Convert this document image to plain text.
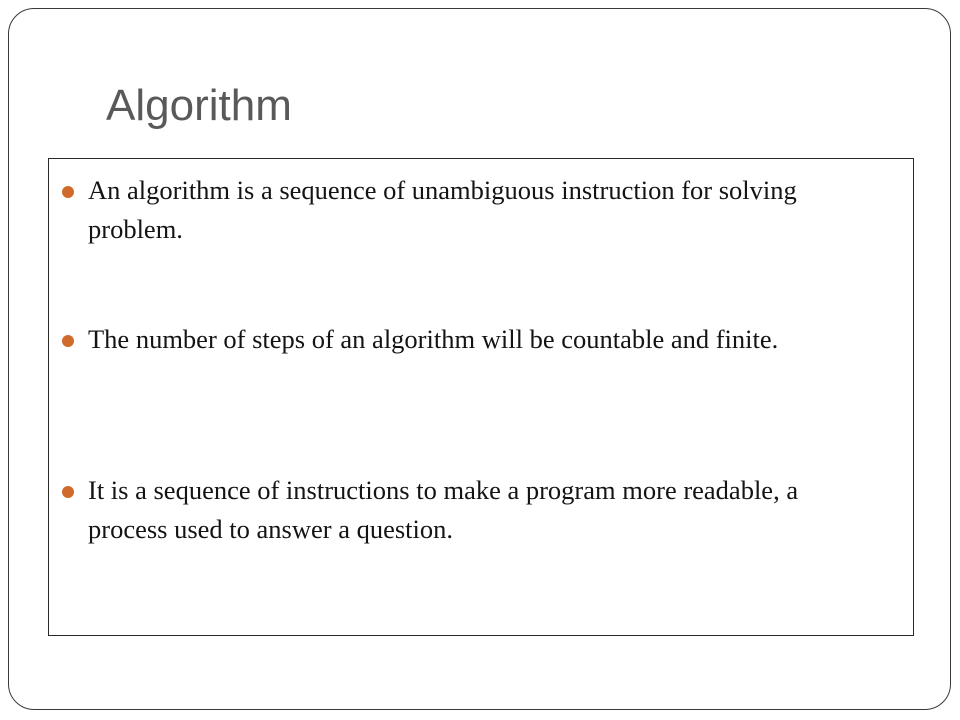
Algorithm
An algorithm is a sequence of unambiguous instruction for solving problem.
The number of steps of an algorithm will be countable and finite.
It is a sequence of instructions to make a program more readable, a process used to answer a question.
